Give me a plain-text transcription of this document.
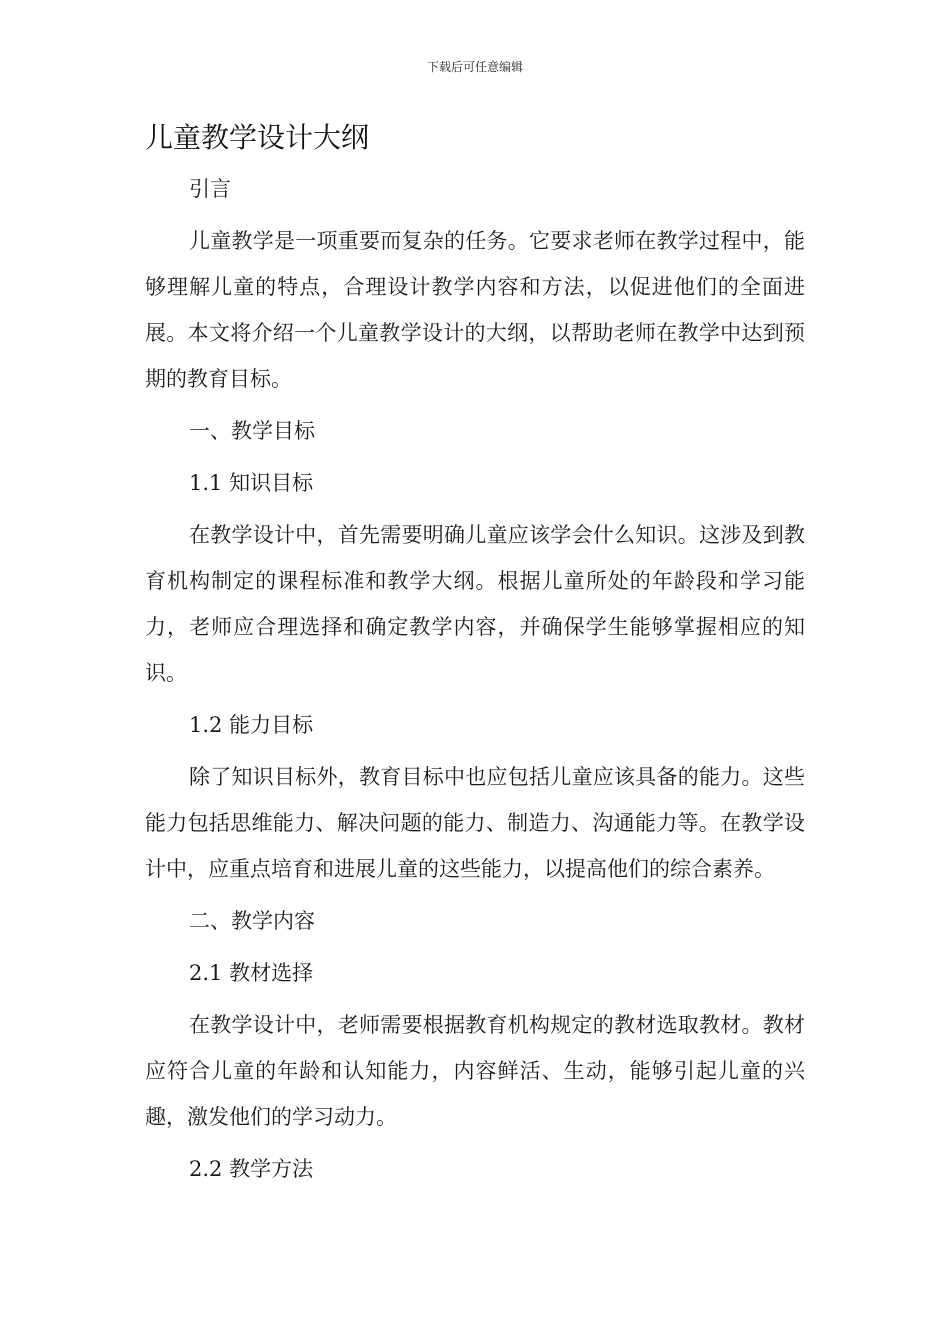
下载后可任意编辑
儿童教学设计大纲
引言

儿童教学是一项重要而复杂的任务。它要求老师在教学过程中，能够理解儿童的特点，合理设计教学内容和方法，以促进他们的全面进展。本文将介绍一个儿童教学设计的大纲，以帮助老师在教学中达到预期的教育目标。

一、教学目标
1.1 知识目标

在教学设计中，首先需要明确儿童应该学会什么知识。这涉及到教育机构制定的课程标准和教学大纲。根据儿童所处的年龄段和学习能力，老师应合理选择和确定教学内容，并确保学生能够掌握相应的知识。

1.2 能力目标

除了知识目标外，教育目标中也应包括儿童应该具备的能力。这些能力包括思维能力、解决问题的能力、制造力、沟通能力等。在教学设计中，应重点培育和进展儿童的这些能力，以提高他们的综合素养。

二、教学内容
2.1 教材选择

在教学设计中，老师需要根据教育机构规定的教材选取教材。教材应符合儿童的年龄和认知能力，内容鲜活、生动，能够引起儿童的兴趣，激发他们的学习动力。

2.2 教学方法
